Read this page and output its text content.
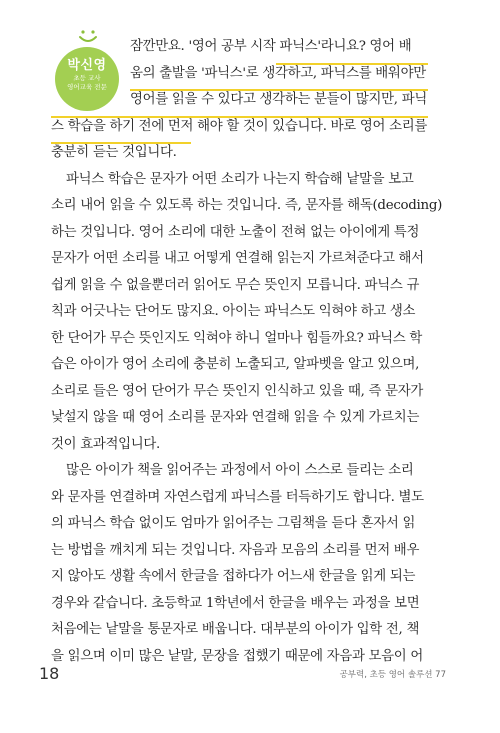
박신영
초등 교사
영어교육 전문
잠깐만요. '영어 공부 시작 파닉스'라니요? 영어 배
움의 출발을 '파닉스'로 생각하고, 파닉스를 배워야만
영어를 읽을 수 있다고 생각하는 분들이 많지만, 파닉
스 학습을 하기 전에 먼저 해야 할 것이 있습니다. 바로 영어 소리를
충분히 듣는 것입니다.
파닉스 학습은 문자가 어떤 소리가 나는지 학습해 낱말을 보고
소리 내어 읽을 수 있도록 하는 것입니다. 즉, 문자를 해독(decoding)
하는 것입니다. 영어 소리에 대한 노출이 전혀 없는 아이에게 특정
문자가 어떤 소리를 내고 어떻게 연결해 읽는지 가르쳐준다고 해서
쉽게 읽을 수 없을뿐더러 읽어도 무슨 뜻인지 모릅니다. 파닉스 규
칙과 어긋나는 단어도 많지요. 아이는 파닉스도 익혀야 하고 생소
한 단어가 무슨 뜻인지도 익혀야 하니 얼마나 힘들까요? 파닉스 학
습은 아이가 영어 소리에 충분히 노출되고, 알파벳을 알고 있으며,
소리로 들은 영어 단어가 무슨 뜻인지 인식하고 있을 때, 즉 문자가
낯설지 않을 때 영어 소리를 문자와 연결해 읽을 수 있게 가르치는
것이 효과적입니다.
많은 아이가 책을 읽어주는 과정에서 아이 스스로 들리는 소리
와 문자를 연결하며 자연스럽게 파닉스를 터득하기도 합니다. 별도
의 파닉스 학습 없이도 엄마가 읽어주는 그림책을 듣다 혼자서 읽
는 방법을 깨치게 되는 것입니다. 자음과 모음의 소리를 먼저 배우
지 않아도 생활 속에서 한글을 접하다가 어느새 한글을 읽게 되는
경우와 같습니다. 초등학교 1학년에서 한글을 배우는 과정을 보면
처음에는 낱말을 통문자로 배웁니다. 대부분의 아이가 입학 전, 책
을 읽으며 이미 많은 낱말, 문장을 접했기 때문에 자음과 모음이 어
18	공부력, 초등 영어 솔루션 77
